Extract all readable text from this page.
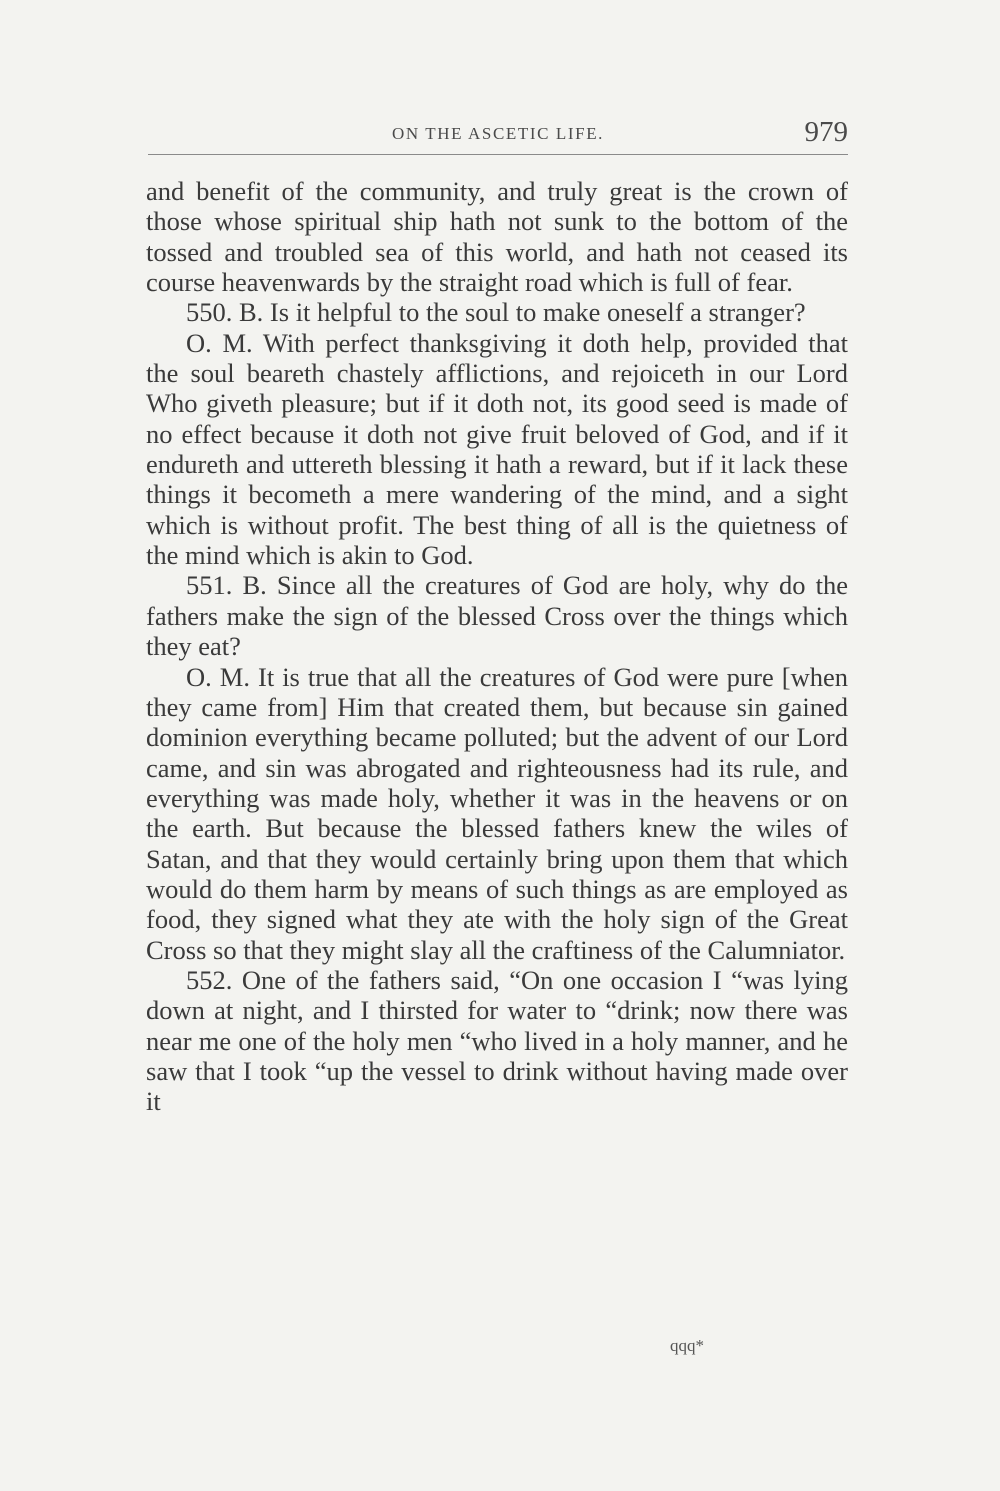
ON THE ASCETIC LIFE.	979

and benefit of the community, and truly great is the crown of those whose spiritual ship hath not sunk to the bottom of the tossed and troubled sea of this world, and hath not ceased its course heavenwards by the straight road which is full of fear.

550. B. Is it helpful to the soul to make oneself a stranger?

O. M. With perfect thanksgiving it doth help, provided that the soul beareth chastely afflictions, and rejoiceth in our Lord Who giveth pleasure; but if it doth not, its good seed is made of no effect because it doth not give fruit beloved of God, and if it endureth and uttereth blessing it hath a reward, but if it lack these things it becometh a mere wandering of the mind, and a sight which is without profit. The best thing of all is the quietness of the mind which is akin to God.

551. B. Since all the creatures of God are holy, why do the fathers make the sign of the blessed Cross over the things which they eat?

O. M. It is true that all the creatures of God were pure [when they came from] Him that created them, but because sin gained dominion everything became polluted; but the advent of our Lord came, and sin was abrogated and righteousness had its rule, and everything was made holy, whether it was in the heavens or on the earth. But because the blessed fathers knew the wiles of Satan, and that they would certainly bring upon them that which would do them harm by means of such things as are employed as food, they signed what they ate with the holy sign of the Great Cross so that they might slay all the craftiness of the Calumniator.

552. One of the fathers said, “On one occasion I “was lying down at night, and I thirsted for water to “drink; now there was near me one of the holy men “who lived in a holy manner, and he saw that I took “up the vessel to drink without having made over it

qqq*
